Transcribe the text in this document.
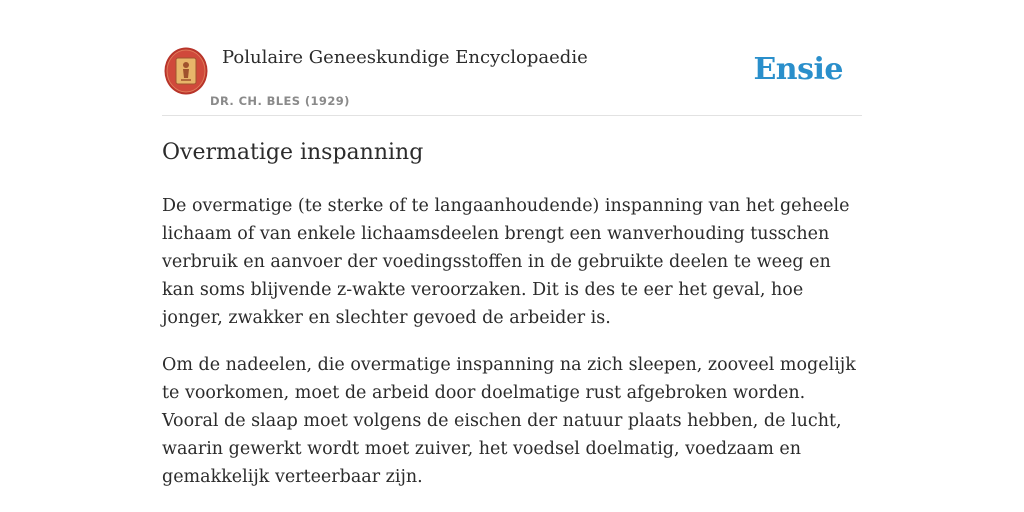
Polulaire Geneeskundige Encyclopaedie
DR. CH. BLES (1929)
Ensie
Overmatige inspanning

De overmatige (te sterke of te langaanhoudende) inspanning van het geheele lichaam of van enkele lichaamsdeelen brengt een wanverhouding tusschen verbruik en aanvoer der voedingsstoffen in de gebruikte deelen te weeg en kan soms blijvende z-wakte veroorzaken. Dit is des te eer het geval, hoe jonger, zwakker en slechter gevoed de arbeider is.

Om de nadeelen, die overmatige inspanning na zich sleepen, zooveel mogelijk te voorkomen, moet de arbeid door doelmatige rust afgebroken worden. Vooral de slaap moet volgens de eischen der natuur plaats hebben, de lucht, waarin gewerkt wordt moet zuiver, het voedsel doelmatig, voedzaam en gemakkelijk verteerbaar zijn.
